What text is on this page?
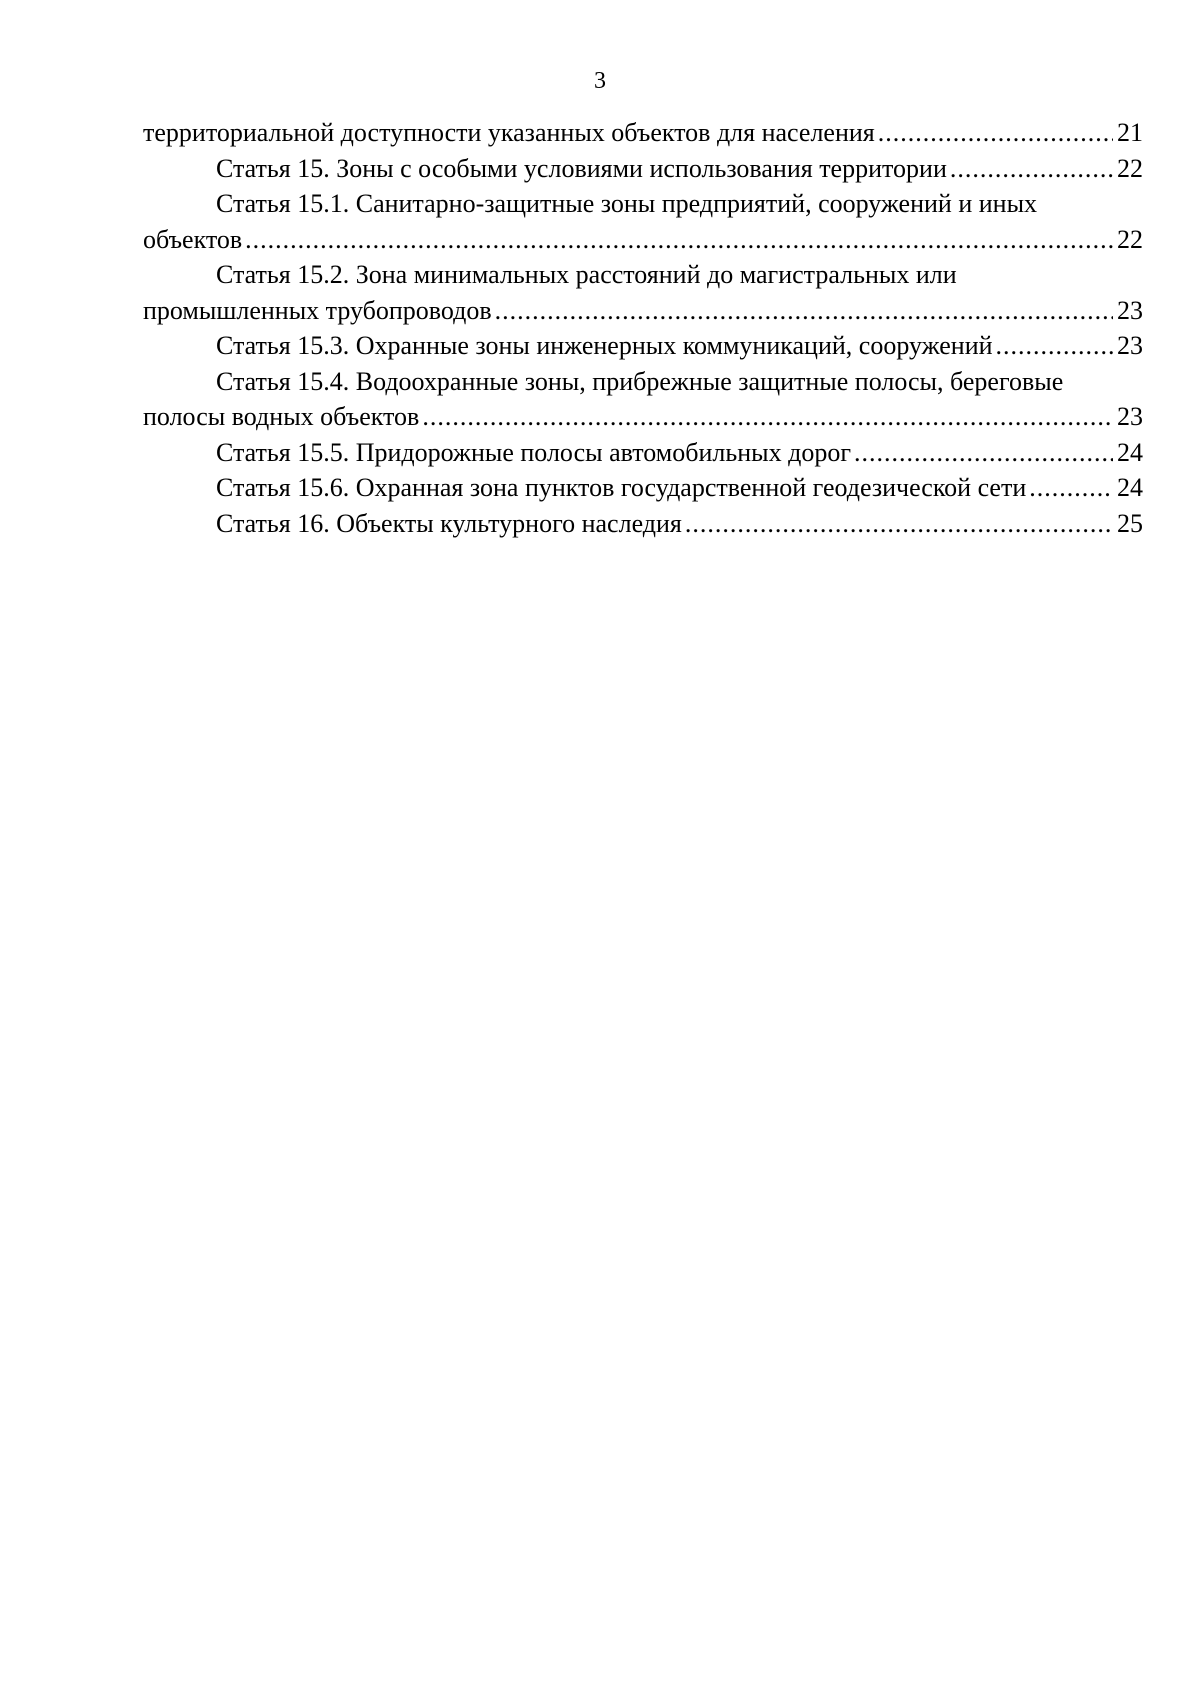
3
территориальной доступности указанных объектов для населения .....	21
Статья 15. Зоны с особыми условиями использования территории .....	22
Статья 15.1. Санитарно-защитные зоны предприятий, сооружений и иных
объектов .....	22
Статья 15.2. Зона минимальных расстояний до магистральных или
промышленных трубопроводов .....	23
Статья 15.3. Охранные зоны инженерных коммуникаций, сооружений .....	23
Статья 15.4. Водоохранные зоны, прибрежные защитные полосы, береговые
полосы водных объектов .....	23
Статья 15.5. Придорожные полосы автомобильных дорог .....	24
Статья 15.6. Охранная зона пунктов государственной геодезической сети .....	24
Статья 16. Объекты культурного наследия .....	25
